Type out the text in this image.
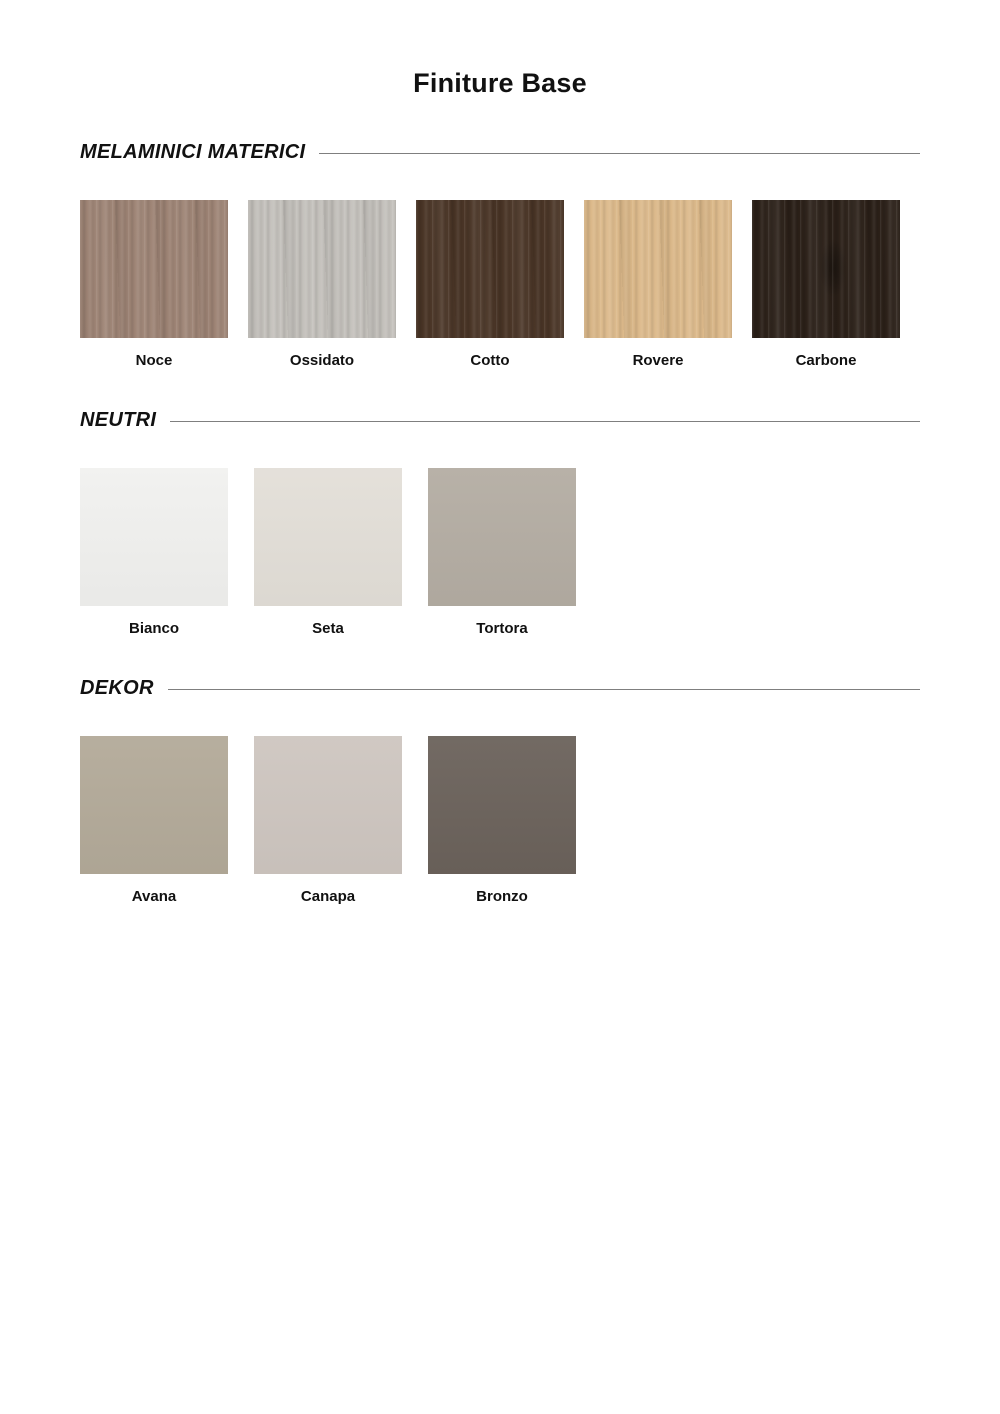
Finiture Base
MELAMINICI MATERICI
Noce	Ossidato	Cotto	Rovere	Carbone
NEUTRI
Bianco	Seta	Tortora
DEKOR
Avana	Canapa	Bronzo
